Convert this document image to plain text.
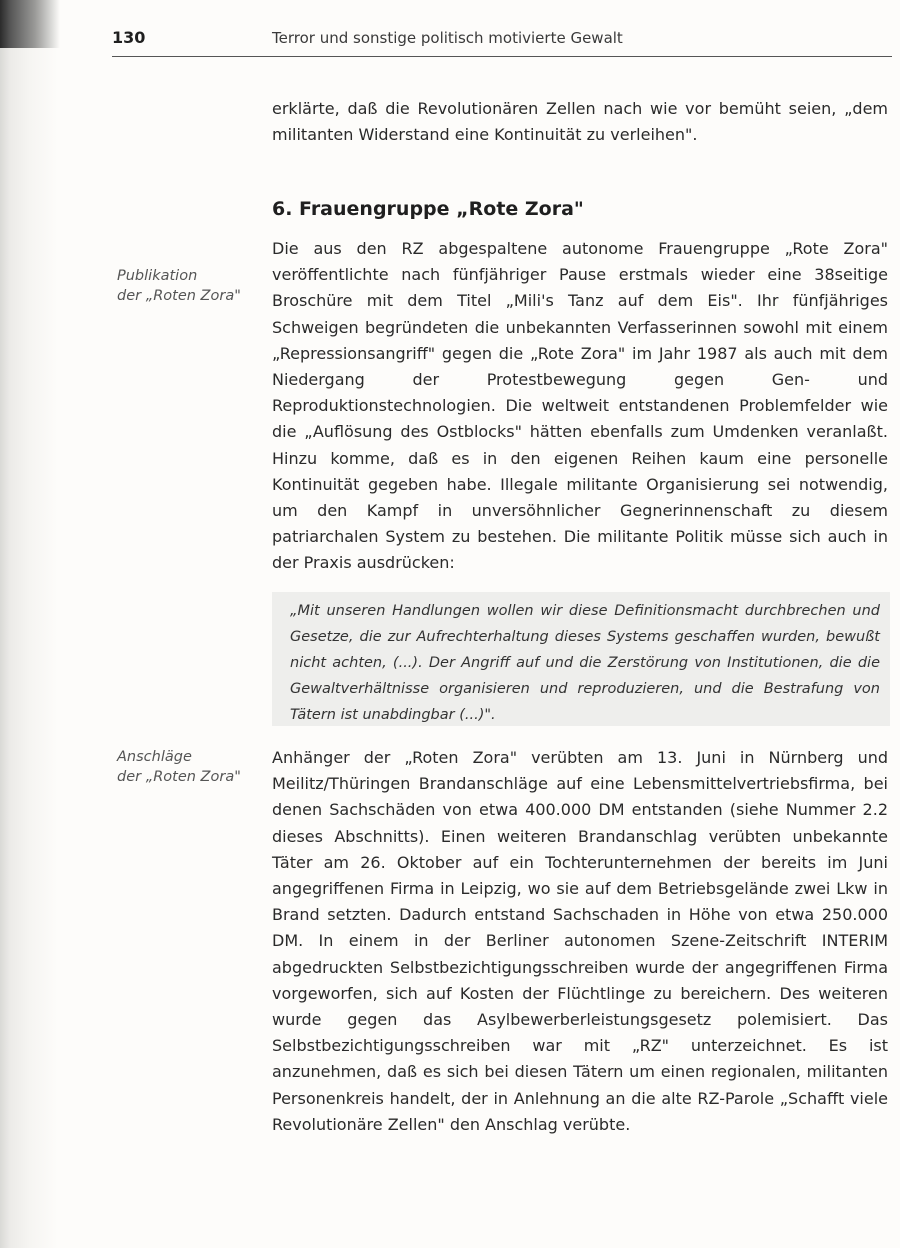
130	Terror und sonstige politisch motivierte Gewalt

erklärte, daß die Revolutionären Zellen nach wie vor bemüht seien, „dem militanten Widerstand eine Kontinuität zu verleihen".

6. Frauengruppe „Rote Zora"
Publikation
der „Roten Zora"

Die aus den RZ abgespaltene autonome Frauengruppe „Rote Zora" veröffentlichte nach fünfjähriger Pause erstmals wieder eine 38seitige Broschüre mit dem Titel „Mili's Tanz auf dem Eis". Ihr fünfjähriges Schweigen begründeten die unbekannten Verfasserinnen sowohl mit einem „Repressionsangriff" gegen die „Rote Zora" im Jahr 1987 als auch mit dem Niedergang der Protestbewegung gegen Gen- und Reproduktionstechnologien. Die weltweit entstandenen Problemfelder wie die „Auflösung des Ostblocks" hätten ebenfalls zum Umdenken veranlaßt. Hinzu komme, daß es in den eigenen Reihen kaum eine personelle Kontinuität gegeben habe. Illegale militante Organisierung sei notwendig, um den Kampf in unversöhnlicher Gegnerinnenschaft zu diesem patriarchalen System zu bestehen. Die militante Politik müsse sich auch in der Praxis ausdrücken:

„Mit unseren Handlungen wollen wir diese Definitionsmacht durchbrechen und Gesetze, die zur Aufrechterhaltung dieses Systems geschaffen wurden, bewußt nicht achten, (...). Der Angriff auf und die Zerstörung von Institutionen, die die Gewaltverhältnisse organisieren und reproduzieren, und die Bestrafung von Tätern ist unabdingbar (...)".

Anschläge
der „Roten Zora"

Anhänger der „Roten Zora" verübten am 13. Juni in Nürnberg und Meilitz/Thüringen Brandanschläge auf eine Lebensmittelvertriebsfirma, bei denen Sachschäden von etwa 400.000 DM entstanden (siehe Nummer 2.2 dieses Abschnitts). Einen weiteren Brandanschlag verübten unbekannte Täter am 26. Oktober auf ein Tochterunternehmen der bereits im Juni angegriffenen Firma in Leipzig, wo sie auf dem Betriebsgelände zwei Lkw in Brand setzten. Dadurch entstand Sachschaden in Höhe von etwa 250.000 DM. In einem in der Berliner autonomen Szene-Zeitschrift INTERIM abgedruckten Selbstbezichtigungsschreiben wurde der angegriffenen Firma vorgeworfen, sich auf Kosten der Flüchtlinge zu bereichern. Des weiteren wurde gegen das Asylbewerberleistungsgesetz polemisiert. Das Selbstbezichtigungsschreiben war mit „RZ" unterzeichnet. Es ist anzunehmen, daß es sich bei diesen Tätern um einen regionalen, militanten Personenkreis handelt, der in Anlehnung an die alte RZ-Parole „Schafft viele Revolutionäre Zellen" den Anschlag verübte.
